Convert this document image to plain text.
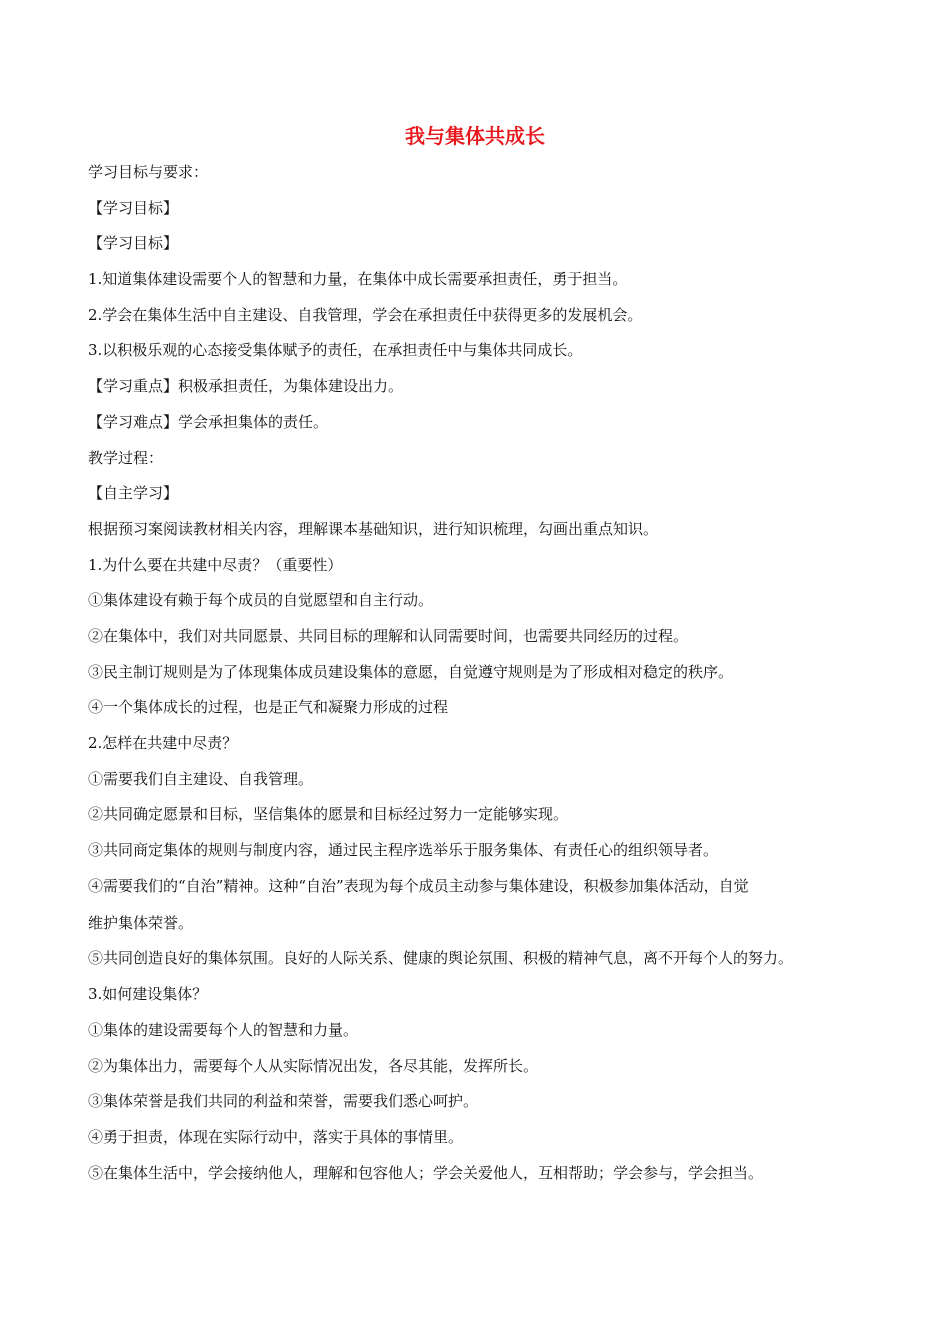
我与集体共成长

学习目标与要求：

【学习目标】

【学习目标】

1.知道集体建设需要个人的智慧和力量，在集体中成长需要承担责任，勇于担当。

2.学会在集体生活中自主建设、自我管理，学会在承担责任中获得更多的发展机会。

3.以积极乐观的心态接受集体赋予的责任，在承担责任中与集体共同成长。

【学习重点】积极承担责任，为集体建设出力。

【学习难点】学会承担集体的责任。

教学过程：

【自主学习】

根据预习案阅读教材相关内容，理解课本基础知识，进行知识梳理，勾画出重点知识。

1.为什么要在共建中尽责？（重要性）

①集体建设有赖于每个成员的自觉愿望和自主行动。

②在集体中，我们对共同愿景、共同目标的理解和认同需要时间，也需要共同经历的过程。

③民主制订规则是为了体现集体成员建设集体的意愿，自觉遵守规则是为了形成相对稳定的秩序。

④一个集体成长的过程，也是正气和凝聚力形成的过程

2.怎样在共建中尽责？

①需要我们自主建设、自我管理。

②共同确定愿景和目标，坚信集体的愿景和目标经过努力一定能够实现。

③共同商定集体的规则与制度内容，通过民主程序选举乐于服务集体、有责任心的组织领导者。

④需要我们的“自治”精神。这种“自治”表现为每个成员主动参与集体建设，积极参加集体活动，自觉

维护集体荣誉。

⑤共同创造良好的集体氛围。良好的人际关系、健康的舆论氛围、积极的精神气息，离不开每个人的努力。

3.如何建设集体？

①集体的建设需要每个人的智慧和力量。

②为集体出力，需要每个人从实际情况出发，各尽其能，发挥所长。

③集体荣誉是我们共同的利益和荣誉，需要我们悉心呵护。

④勇于担责，体现在实际行动中，落实于具体的事情里。

⑤在集体生活中，学会接纳他人，理解和包容他人；学会关爱他人，互相帮助；学会参与，学会担当。
